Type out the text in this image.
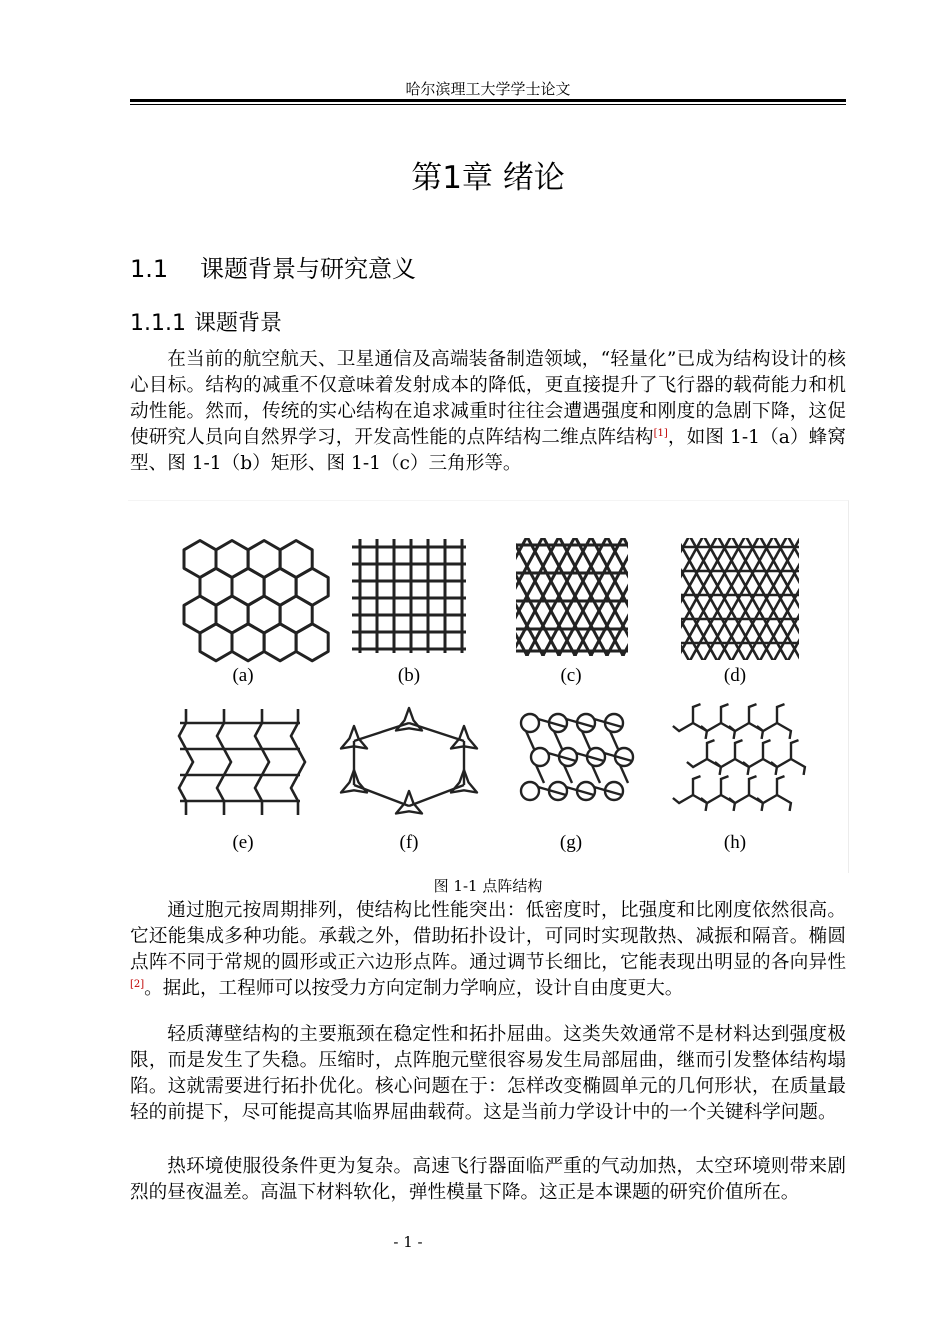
哈尔滨理工大学学士论文
第1章 绪论
1.1 课题背景与研究意义
1.1.1 课题背景

在当前的航空航天、卫星通信及高端装备制造领域，“轻量化”已成为结构设计的核心目标。结构的减重不仅意味着发射成本的降低，更直接提升了飞行器的载荷能力和机动性能。然而，传统的实心结构在追求减重时往往会遭遇强度和刚度的急剧下降，这促使研究人员向自然界学习，开发高性能的点阵结构二维点阵结构[1]，如图 1-1（a）蜂窝型、图 1-1（b）矩形、图 1-1（c）三角形等。

(a)	(b)	(c)	(d)
(e)	(f)	(g)	(h)
图 1-1 点阵结构

通过胞元按周期排列，使结构比性能突出：低密度时，比强度和比刚度依然很高。它还能集成多种功能。承载之外，借助拓扑设计，可同时实现散热、减振和隔音。椭圆点阵不同于常规的圆形或正六边形点阵。通过调节长细比，它能表现出明显的各向异性[2]。据此，工程师可以按受力方向定制力学响应，设计自由度更大。

轻质薄壁结构的主要瓶颈在稳定性和拓扑屈曲。这类失效通常不是材料达到强度极限，而是发生了失稳。压缩时，点阵胞元壁很容易发生局部屈曲，继而引发整体结构塌陷。这就需要进行拓扑优化。核心问题在于：怎样改变椭圆单元的几何形状，在质量最轻的前提下，尽可能提高其临界屈曲载荷。这是当前力学设计中的一个关键科学问题。

热环境使服役条件更为复杂。高速飞行器面临严重的气动加热，太空环境则带来剧烈的昼夜温差。高温下材料软化，弹性模量下降。这正是本课题的研究价值所在。

- 1 -
